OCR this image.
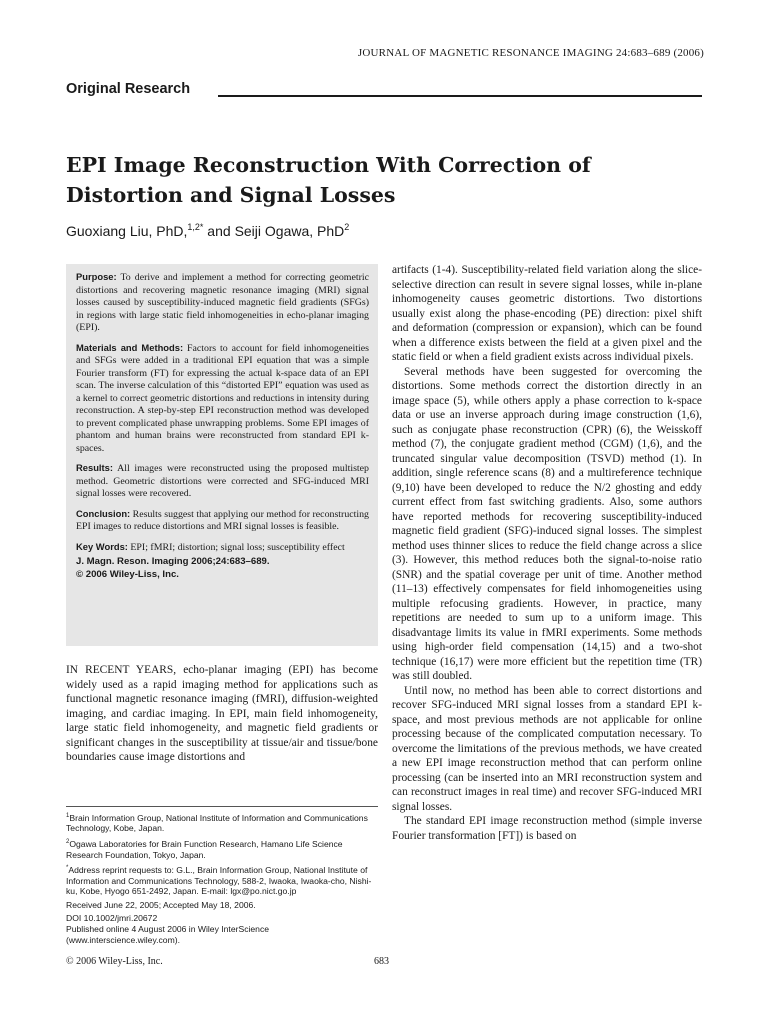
JOURNAL OF MAGNETIC RESONANCE IMAGING 24:683–689 (2006)
Original Research
EPI Image Reconstruction With Correction of Distortion and Signal Losses
Guoxiang Liu, PhD,$^{1,2*}$ and Seiji Ogawa, PhD$^2$

Purpose: To derive and implement a method for correcting geometric distortions and recovering magnetic resonance imaging (MRI) signal losses caused by susceptibility-induced magnetic field gradients (SFGs) in regions with large static field inhomogeneities in echo-planar imaging (EPI).

Materials and Methods: Factors to account for field inhomogeneities and SFGs were added in a traditional EPI equation that was a simple Fourier transform (FT) for expressing the actual k-space data of an EPI scan. The inverse calculation of this “distorted EPI” equation was used as a kernel to correct geometric distortions and reductions in intensity during reconstruction. A step-by-step EPI reconstruction method was developed to prevent complicated phase unwrapping problems. Some EPI images of phantom and human brains were reconstructed from standard EPI k-spaces.

Results: All images were reconstructed using the proposed multistep method. Geometric distortions were corrected and SFG-induced MRI signal losses were recovered.

Conclusion: Results suggest that applying our method for reconstructing EPI images to reduce distortions and MRI signal losses is feasible.

Key Words: EPI; fMRI; distortion; signal loss; susceptibility effect

J. Magn. Reson. Imaging 2006;24:683–689.

© 2006 Wiley-Liss, Inc.

IN RECENT YEARS, echo-planar imaging (EPI) has become widely used as a rapid imaging method for applications such as functional magnetic resonance imaging (fMRI), diffusion-weighted imaging, and cardiac imaging. In EPI, main field inhomogeneity, large static field inhomogeneity, and magnetic field gradients or significant changes in the susceptibility at tissue/air and tissue/bone boundaries cause image distortions and

artifacts (1-4). Susceptibility-related field variation along the slice-selective direction can result in severe signal losses, while in-plane inhomogeneity causes geometric distortions. Two distortions usually exist along the phase-encoding (PE) direction: pixel shift and deformation (compression or expansion), which can be found when a difference exists between the field at a given pixel and the static field or when a field gradient exists across individual pixels.

Several methods have been suggested for overcoming the distortions. Some methods correct the distortion directly in an image space (5), while others apply a phase correction to k-space data or use an inverse approach during image construction (1,6), such as conjugate phase reconstruction (CPR) (6), the Weisskoff method (7), the conjugate gradient method (CGM) (1,6), and the truncated singular value decomposition (TSVD) method (1). In addition, single reference scans (8) and a multireference technique (9,10) have been developed to reduce the N/2 ghosting and eddy current effect from fast switching gradients. Also, some authors have reported methods for recovering susceptibility-induced magnetic field gradient (SFG)-induced signal losses. The simplest method uses thinner slices to reduce the field change across a slice (3). However, this method reduces both the signal-to-noise ratio (SNR) and the spatial coverage per unit of time. Another method (11–13) effectively compensates for field inhomogeneities using multiple refocusing gradients. However, in practice, many repetitions are needed to sum up to a uniform image. This disadvantage limits its value in fMRI experiments. Some methods using high-order field compensation (14,15) and a two-shot technique (16,17) were more efficient but the repetition time (TR) was still doubled.

Until now, no method has been able to correct distortions and recover SFG-induced MRI signal losses from a standard EPI k-space, and most previous methods are not applicable for online processing because of the complicated computation necessary. To overcome the limitations of the previous methods, we have created a new EPI image reconstruction method that can perform online processing (can be inserted into an MRI reconstruction system and can reconstruct images in real time) and recover SFG-induced MRI signal losses.

The standard EPI image reconstruction method (simple inverse Fourier transformation [FT]) is based on

$^1$Brain Information Group, National Institute of Information and Communications Technology, Kobe, Japan.

$^2$Ogawa Laboratories for Brain Function Research, Hamano Life Science Research Foundation, Tokyo, Japan.

*Address reprint requests to: G.L., Brain Information Group, National Institute of Information and Communications Technology, 588-2, Iwaoka, Iwaoka-cho, Nishi-ku, Kobe, Hyogo 651-2492, Japan. E-mail: lgx@po.nict.go.jp

Received June 22, 2005; Accepted May 18, 2006.

DOI 10.1002/jmri.20672
Published online 4 August 2006 in Wiley InterScience (www.interscience.wiley.com).

© 2006 Wiley-Liss, Inc.	683
